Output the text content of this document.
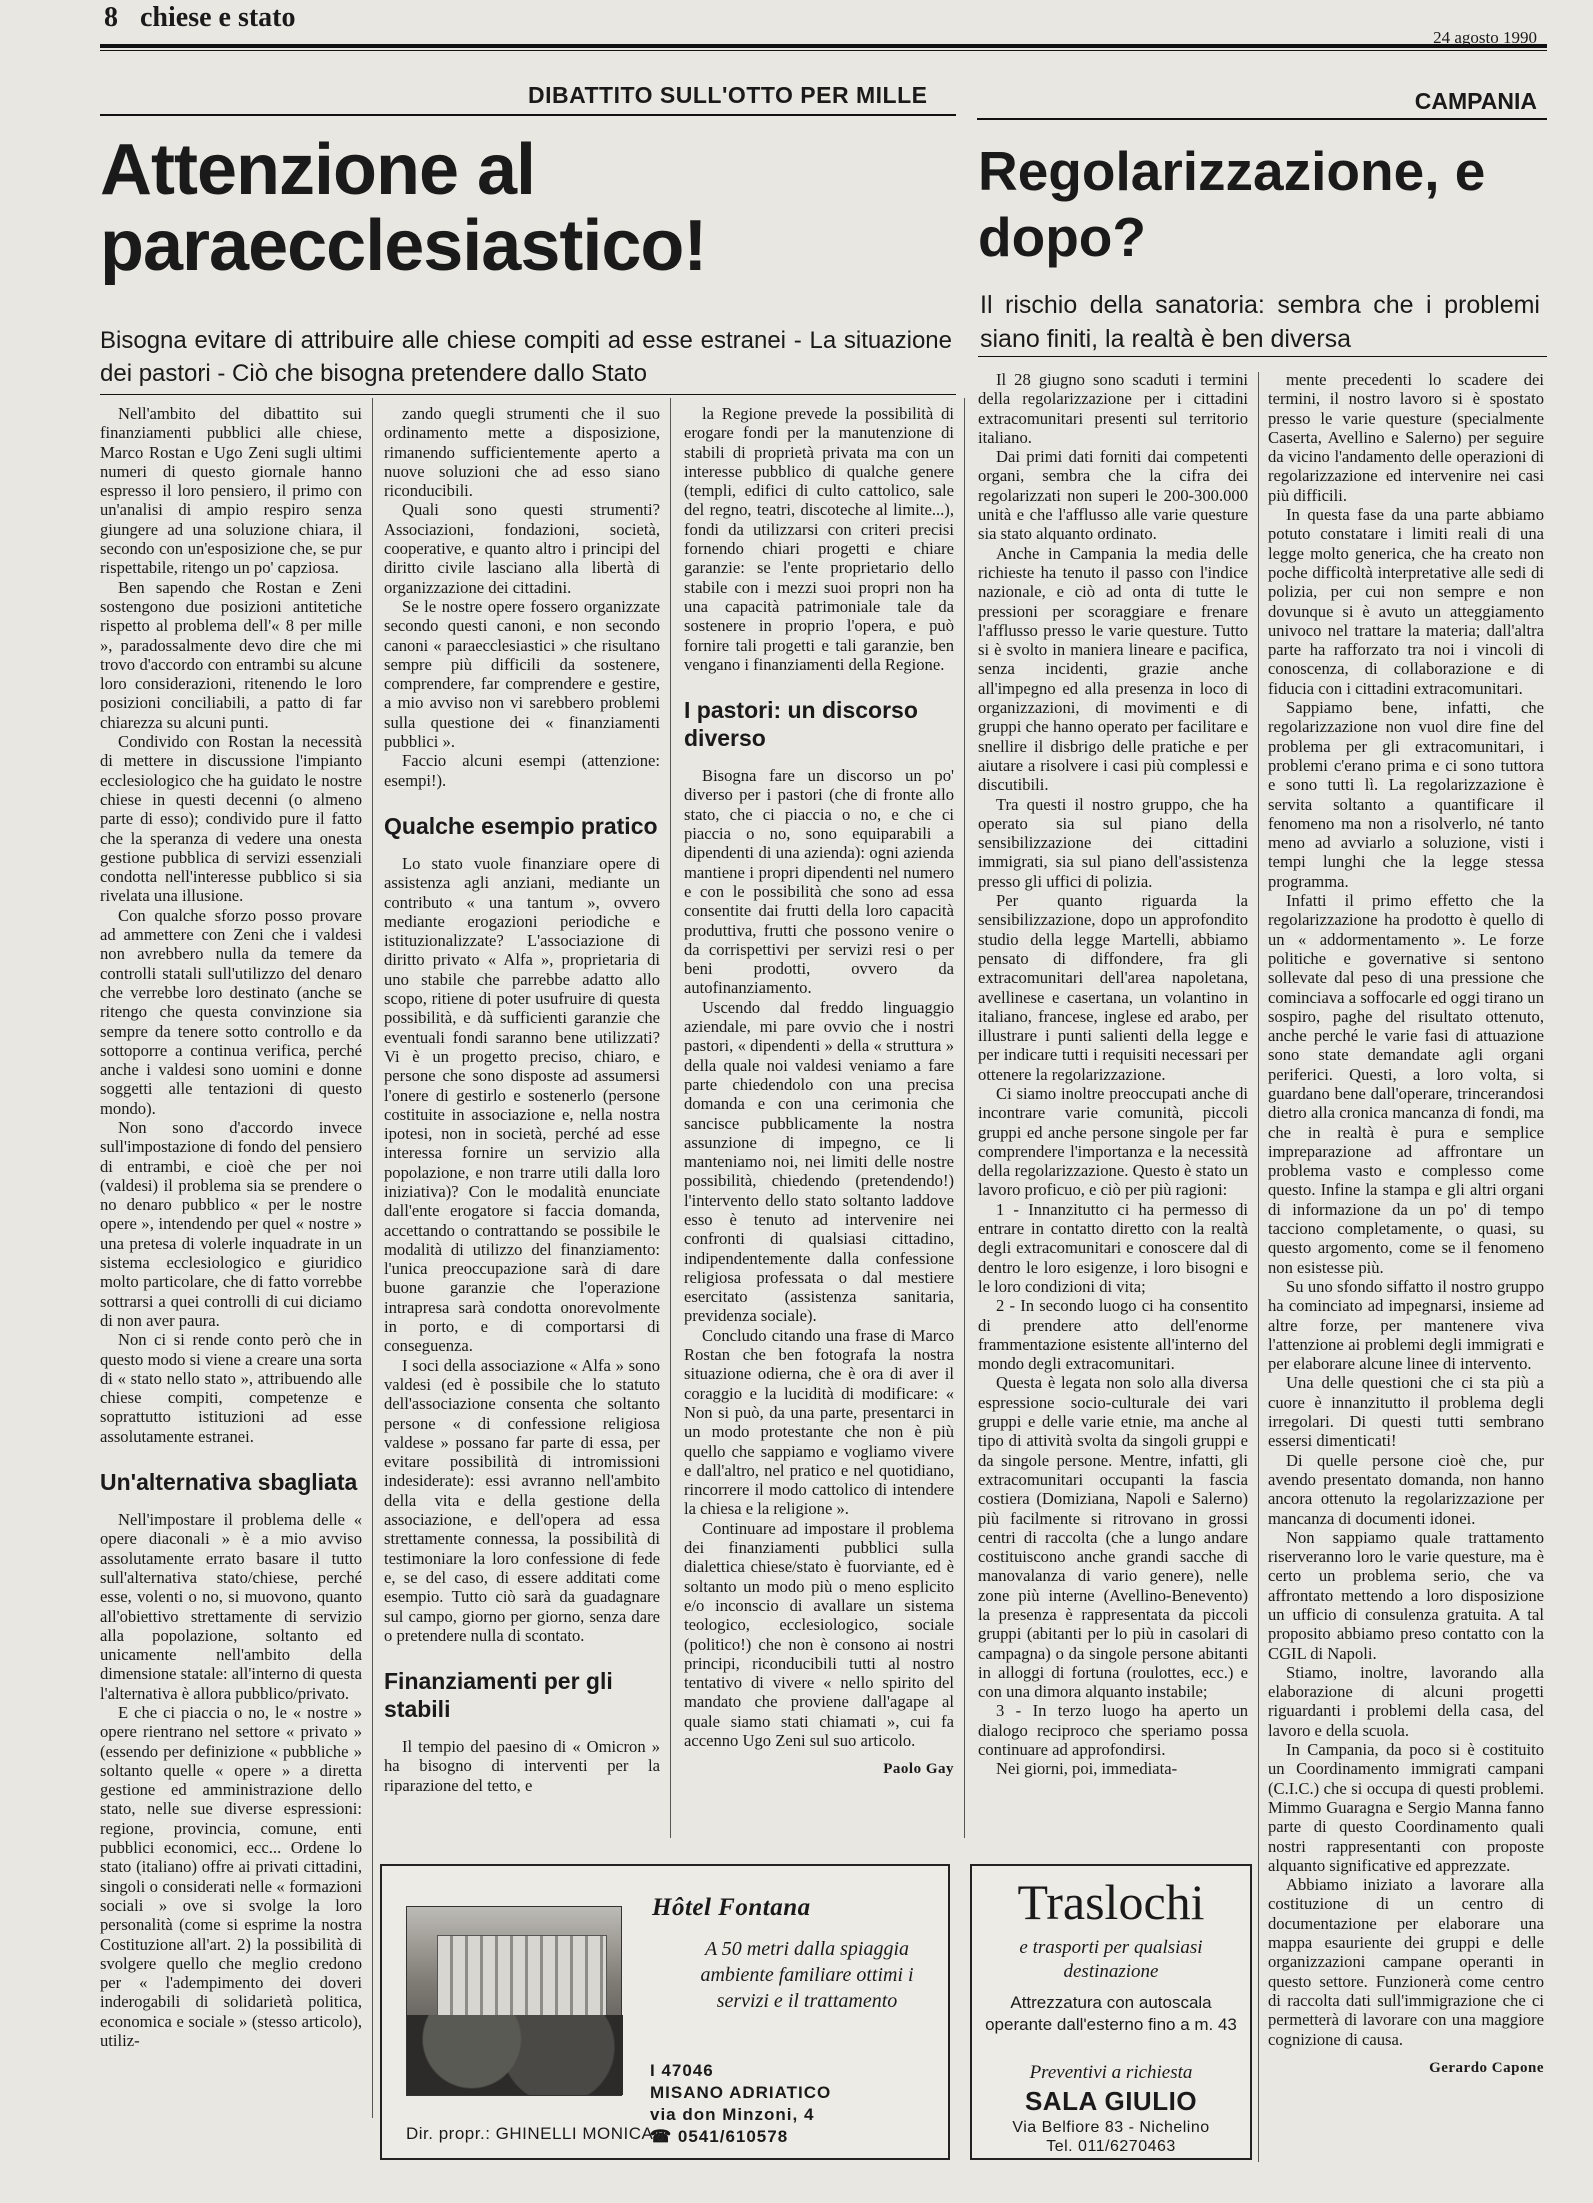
8 chiese e stato
24 agosto 1990
DIBATTITO SULL'OTTO PER MILLE	CAMPANIA
Attenzione al paraecclesiastico!
Regolarizzazione, e dopo?
Il rischio della sanatoria: sembra che i problemi siano finiti, la realtà è ben diversa
Bisogna evitare di attribuire alle chiese compiti ad esse estranei - La situazione dei pastori - Ciò che bisogna pretendere dallo Stato

Nell'ambito del dibattito sui finanziamenti pubblici alle chiese, Marco Rostan e Ugo Zeni sugli ultimi numeri di questo giornale hanno espresso il loro pensiero, il primo con un'analisi di ampio respiro senza giungere ad una soluzione chiara, il secondo con un'esposizione che, se pur rispettabile, ritengo un po' capziosa.

Ben sapendo che Rostan e Zeni sostengono due posizioni antitetiche rispetto al problema dell'« 8 per mille », paradossalmente devo dire che mi trovo d'accordo con entrambi su alcune loro considerazioni, ritenendo le loro posizioni conciliabili, a patto di far chiarezza su alcuni punti.

Condivido con Rostan la necessità di mettere in discussione l'impianto ecclesiologico che ha guidato le nostre chiese in questi decenni (o almeno parte di esso); condivido pure il fatto che la speranza di vedere una onesta gestione pubblica di servizi essenziali condotta nell'interesse pubblico si sia rivelata una illusione.

Con qualche sforzo posso provare ad ammettere con Zeni che i valdesi non avrebbero nulla da temere da controlli statali sull'utilizzo del denaro che verrebbe loro destinato (anche se ritengo che questa convinzione sia sempre da tenere sotto controllo e da sottoporre a continua verifica, perché anche i valdesi sono uomini e donne soggetti alle tentazioni di questo mondo).

Non sono d'accordo invece sull'impostazione di fondo del pensiero di entrambi, e cioè che per noi (valdesi) il problema sia se prendere o no denaro pubblico « per le nostre opere », intendendo per quel « nostre » una pretesa di volerle inquadrate in un sistema ecclesiologico e giuridico molto particolare, che di fatto vorrebbe sottrarsi a quei controlli di cui diciamo di non aver paura.

Non ci si rende conto però che in questo modo si viene a creare una sorta di « stato nello stato », attribuendo alle chiese compiti, competenze e soprattutto istituzioni ad esse assolutamente estranei.

Un'alternativa sbagliata

Nell'impostare il problema delle « opere diaconali » è a mio avviso assolutamente errato basare il tutto sull'alternativa stato/chiese, perché esse, volenti o no, si muovono, quanto all'obiettivo strettamente di servizio alla popolazione, soltanto ed unicamente nell'ambito della dimensione statale: all'interno di questa l'alternativa è allora pubblico/privato.

E che ci piaccia o no, le « nostre » opere rientrano nel settore « privato » (essendo per definizione « pubbliche » soltanto quelle « opere » a diretta gestione ed amministrazione dello stato, nelle sue diverse espressioni: regione, provincia, comune, enti pubblici economici, ecc... Ordene lo stato (italiano) offre ai privati cittadini, singoli o considerati nelle « formazioni sociali » ove si svolge la loro personalità (come si esprime la nostra Costituzione all'art. 2) la possibilità di svolgere quello che meglio credono per « l'adempimento dei doveri inderogabili di solidarietà politica, economica e sociale » (stesso articolo), utiliz-

zando quegli strumenti che il suo ordinamento mette a disposizione, rimanendo sufficientemente aperto a nuove soluzioni che ad esso siano riconducibili.

Quali sono questi strumenti? Associazioni, fondazioni, società, cooperative, e quanto altro i principi del diritto civile lasciano alla libertà di organizzazione dei cittadini.

Se le nostre opere fossero organizzate secondo questi canoni, e non secondo canoni « paraecclesiastici » che risultano sempre più difficili da sostenere, comprendere, far comprendere e gestire, a mio avviso non vi sarebbero problemi sulla questione dei « finanziamenti pubblici ».

Faccio alcuni esempi (attenzione: esempi!).

Qualche esempio pratico

Lo stato vuole finanziare opere di assistenza agli anziani, mediante un contributo « una tantum », ovvero mediante erogazioni periodiche e istituzionalizzate? L'associazione di diritto privato « Alfa », proprietaria di uno stabile che parrebbe adatto allo scopo, ritiene di poter usufruire di questa possibilità, e dà sufficienti garanzie che eventuali fondi saranno bene utilizzati? Vi è un progetto preciso, chiaro, e persone che sono disposte ad assumersi l'onere di gestirlo e sostenerlo (persone costituite in associazione e, nella nostra ipotesi, non in società, perché ad esse interessa fornire un servizio alla popolazione, e non trarre utili dalla loro iniziativa)? Con le modalità enunciate dall'ente erogatore si faccia domanda, accettando o contrattando se possibile le modalità di utilizzo del finanziamento: l'unica preoccupazione sarà di dare buone garanzie che l'operazione intrapresa sarà condotta onorevolmente in porto, e di comportarsi di conseguenza.

I soci della associazione « Alfa » sono valdesi (ed è possibile che lo statuto dell'associazione consenta che soltanto persone « di confessione religiosa valdese » possano far parte di essa, per evitare possibilità di intromissioni indesiderate): essi avranno nell'ambito della vita e della gestione della associazione, e dell'opera ad essa strettamente connessa, la possibilità di testimoniare la loro confessione di fede e, se del caso, di essere additati come esempio. Tutto ciò sarà da guadagnare sul campo, giorno per giorno, senza dare o pretendere nulla di scontato.

Finanziamenti per gli stabili

Il tempio del paesino di « Omicron » ha bisogno di interventi per la riparazione del tetto, e

la Regione prevede la possibilità di erogare fondi per la manutenzione di stabili di proprietà privata ma con un interesse pubblico di qualche genere (templi, edifici di culto cattolico, sale del regno, teatri, discoteche al limite...), fondi da utilizzarsi con criteri precisi fornendo chiari progetti e chiare garanzie: se l'ente proprietario dello stabile con i mezzi suoi propri non ha una capacità patrimoniale tale da sostenere in proprio l'opera, e può fornire tali progetti e tali garanzie, ben vengano i finanziamenti della Regione.

I pastori: un discorso diverso

Bisogna fare un discorso un po' diverso per i pastori (che di fronte allo stato, che ci piaccia o no, e che ci piaccia o no, sono equiparabili a dipendenti di una azienda): ogni azienda mantiene i propri dipendenti nel numero e con le possibilità che sono ad essa consentite dai frutti della loro capacità produttiva, frutti che possono venire o da corrispettivi per servizi resi o per beni prodotti, ovvero da autofinanziamento.

Uscendo dal freddo linguaggio aziendale, mi pare ovvio che i nostri pastori, « dipendenti » della « struttura » della quale noi valdesi veniamo a fare parte chiedendolo con una precisa domanda e con una cerimonia che sancisce pubblicamente la nostra assunzione di impegno, ce li manteniamo noi, nei limiti delle nostre possibilità, chiedendo (pretendendo!) l'intervento dello stato soltanto laddove esso è tenuto ad intervenire nei confronti di qualsiasi cittadino, indipendentemente dalla confessione religiosa professata o dal mestiere esercitato (assistenza sanitaria, previdenza sociale).

Concludo citando una frase di Marco Rostan che ben fotografa la nostra situazione odierna, che è ora di aver il coraggio e la lucidità di modificare: « Non si può, da una parte, presentarci in un modo protestante che non è più quello che sappiamo e vogliamo vivere e dall'altro, nel pratico e nel quotidiano, rincorrere il modo cattolico di intendere la chiesa e la religione ».

Continuare ad impostare il problema dei finanziamenti pubblici sulla dialettica chiese/stato è fuorviante, ed è soltanto un modo più o meno esplicito e/o inconscio di avallare un sistema teologico, ecclesiologico, sociale (politico!) che non è consono ai nostri principi, riconducibili tutti al nostro tentativo di vivere « nello spirito del mandato che proviene dall'agape al quale siamo stati chiamati », cui fa accenno Ugo Zeni sul suo articolo.

Paolo Gay

Il 28 giugno sono scaduti i termini della regolarizzazione per i cittadini extracomunitari presenti sul territorio italiano.

Dai primi dati forniti dai competenti organi, sembra che la cifra dei regolarizzati non superi le 200-300.000 unità e che l'afflusso alle varie questure sia stato alquanto ordinato.

Anche in Campania la media delle richieste ha tenuto il passo con l'indice nazionale, e ciò ad onta di tutte le pressioni per scoraggiare e frenare l'afflusso presso le varie questure. Tutto si è svolto in maniera lineare e pacifica, senza incidenti, grazie anche all'impegno ed alla presenza in loco di organizzazioni, di movimenti e di gruppi che hanno operato per facilitare e snellire il disbrigo delle pratiche e per aiutare a risolvere i casi più complessi e discutibili.

Tra questi il nostro gruppo, che ha operato sia sul piano della sensibilizzazione dei cittadini immigrati, sia sul piano dell'assistenza presso gli uffici di polizia.

Per quanto riguarda la sensibilizzazione, dopo un approfondito studio della legge Martelli, abbiamo pensato di diffondere, fra gli extracomunitari dell'area napoletana, avellinese e casertana, un volantino in italiano, francese, inglese ed arabo, per illustrare i punti salienti della legge e per indicare tutti i requisiti necessari per ottenere la regolarizzazione.

Ci siamo inoltre preoccupati anche di incontrare varie comunità, piccoli gruppi ed anche persone singole per far comprendere l'importanza e la necessità della regolarizzazione. Questo è stato un lavoro proficuo, e ciò per più ragioni:

1 - Innanzitutto ci ha permesso di entrare in contatto diretto con la realtà degli extracomunitari e conoscere dal di dentro le loro esigenze, i loro bisogni e le loro condizioni di vita;

2 - In secondo luogo ci ha consentito di prendere atto dell'enorme frammentazione esistente all'interno del mondo degli extracomunitari.

Questa è legata non solo alla diversa espressione socio-culturale dei vari gruppi e delle varie etnie, ma anche al tipo di attività svolta da singoli gruppi e da singole persone. Mentre, infatti, gli extracomunitari occupanti la fascia costiera (Domiziana, Napoli e Salerno) più facilmente si ritrovano in grossi centri di raccolta (che a lungo andare costituiscono anche grandi sacche di manovalanza di vario genere), nelle zone più interne (Avellino-Benevento) la presenza è rappresentata da piccoli gruppi (abitanti per lo più in casolari di campagna) o da singole persone abitanti in alloggi di fortuna (roulottes, ecc.) e con una dimora alquanto instabile;

3 - In terzo luogo ha aperto un dialogo reciproco che speriamo possa continuare ad approfondirsi.

Nei giorni, poi, immediata-

mente precedenti lo scadere dei termini, il nostro lavoro si è spostato presso le varie questure (specialmente Caserta, Avellino e Salerno) per seguire da vicino l'andamento delle operazioni di regolarizzazione ed intervenire nei casi più difficili.

In questa fase da una parte abbiamo potuto constatare i limiti reali di una legge molto generica, che ha creato non poche difficoltà interpretative alle sedi di polizia, per cui non sempre e non dovunque si è avuto un atteggiamento univoco nel trattare la materia; dall'altra parte ha rafforzato tra noi i vincoli di conoscenza, di collaborazione e di fiducia con i cittadini extracomunitari.

Sappiamo bene, infatti, che regolarizzazione non vuol dire fine del problema per gli extracomunitari, i problemi c'erano prima e ci sono tuttora e sono tutti lì. La regolarizzazione è servita soltanto a quantificare il fenomeno ma non a risolverlo, né tanto meno ad avviarlo a soluzione, visti i tempi lunghi che la legge stessa programma.

Infatti il primo effetto che la regolarizzazione ha prodotto è quello di un « addormentamento ». Le forze politiche e governative si sentono sollevate dal peso di una pressione che cominciava a soffocarle ed oggi tirano un sospiro, paghe del risultato ottenuto, anche perché le varie fasi di attuazione sono state demandate agli organi periferici. Questi, a loro volta, si guardano bene dall'operare, trincerandosi dietro alla cronica mancanza di fondi, ma che in realtà è pura e semplice impreparazione ad affrontare un problema vasto e complesso come questo. Infine la stampa e gli altri organi di informazione da un po' di tempo tacciono completamente, o quasi, su questo argomento, come se il fenomeno non esistesse più.

Su uno sfondo siffatto il nostro gruppo ha cominciato ad impegnarsi, insieme ad altre forze, per mantenere viva l'attenzione ai problemi degli immigrati e per elaborare alcune linee di intervento.

Una delle questioni che ci sta più a cuore è innanzitutto il problema degli irregolari. Di questi tutti sembrano essersi dimenticati!

Di quelle persone cioè che, pur avendo presentato domanda, non hanno ancora ottenuto la regolarizzazione per mancanza di documenti idonei.

Non sappiamo quale trattamento riserveranno loro le varie questure, ma è certo un problema serio, che va affrontato mettendo a loro disposizione un ufficio di consulenza gratuita. A tal proposito abbiamo preso contatto con la CGIL di Napoli.

Stiamo, inoltre, lavorando alla elaborazione di alcuni progetti riguardanti i problemi della casa, del lavoro e della scuola.

In Campania, da poco si è costituito un Coordinamento immigrati campani (C.I.C.) che si occupa di questi problemi. Mimmo Guaragna e Sergio Manna fanno parte di questo Coordinamento quali nostri rappresentanti con proposte alquanto significative ed apprezzate.

Abbiamo iniziato a lavorare alla costituzione di un centro di documentazione per elaborare una mappa esauriente dei gruppi e delle organizzazioni campane operanti in questo settore. Funzionerà come centro di raccolta dati sull'immigrazione che ci permetterà di lavorare con una maggiore cognizione di causa.

Gerardo Capone
Hôtel Fontana
A 50 metri dalla spiaggia ambiente familiare ottimi i servizi e il trattamento
I 47046
MISANO ADRIATICO
via don Minzoni, 4
☎ 0541/610578
Dir. propr.: GHINELLI MONICA
Traslochi
e trasporti per qualsiasi destinazione
Attrezzatura con autoscala operante dall'esterno fino a m. 43
Preventivi a richiesta
SALA GIULIO
Via Belfiore 83 - Nichelino
Tel. 011/6270463
